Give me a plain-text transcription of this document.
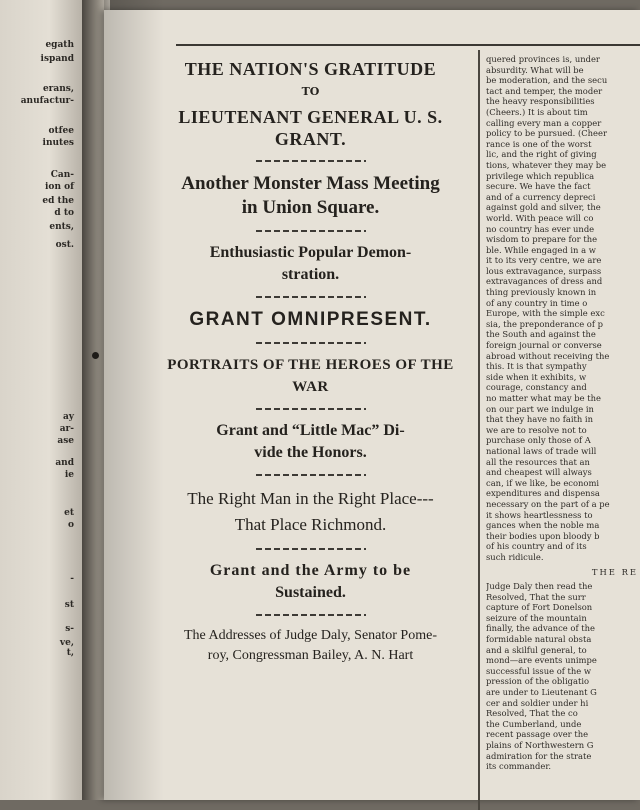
egath
ispand
erans,
anufactur-
otfee
inutes
Can-
ion of
ed the
d to
ents,
ost.
ay
ar-
ase
and
ie
et
o
-
st
s-
ve,
t,

THE NATION'S GRATITUDE

TO

LIEUTENANT GENERAL U. S. GRANT.

Another Monster Mass Meeting

in Union Square.

Enthusiastic Popular Demon-

stration.

GRANT OMNIPRESENT.

PORTRAITS OF THE HEROES OF THE WAR

Grant and “Little Mac” Di-

vide the Honors.

The Right Man in the Right Place---

That Place Richmond.

Grant and the Army to be

Sustained.

The Addresses of Judge Daly, Senator Pome-

roy, Congressman Bailey, A. N. Hart

quered provinces is, under

absurdity. What will be

be moderation, and the secu

tact and temper, the moder

the heavy responsibilities

(Cheers.) It is about tim

calling every man a copper

policy to be pursued. (Cheer

rance is one of the worst

lic, and the right of giving

tions, whatever they may be

privilege which republica

secure. We have the fact

and of a currency depreci

against gold and silver, the

world. With peace will co

no country has ever unde

wisdom to prepare for the

ble. While engaged in a w

it to its very centre, we are

lous extravagance, surpass

extravagances of dress and

thing previously known in

of any country in time o

Europe, with the simple exc

sia, the preponderance of p

the South and against the

foreign journal or converse

abroad without receiving the

this. It is that sympathy

side when it exhibits, w

courage, constancy and

no matter what may be the

on our part we indulge in

that they have no faith in

we are to resolve not to

purchase only those of A

national laws of trade will

all the resources that an

and cheapest will always

can, if we like, be economi

expenditures and dispensa

necessary on the part of a pe

it shows heartlessness to

gances when the noble ma

their bodies upon bloody b

of his country and of its

such ridicule.

THE RE

Judge Daly then read the

Resolved, That the surr

capture of Fort Donelson

seizure of the mountain

finally, the advance of the

formidable natural obsta

and a skilful general, to

mond—are events unimpe

successful issue of the w

pression of the obligatio

are under to Lieutenant G

cer and soldier under hi

Resolved, That the co

the Cumberland, unde

recent passage over the

plains of Northwestern G

admiration for the strate

its commander.
